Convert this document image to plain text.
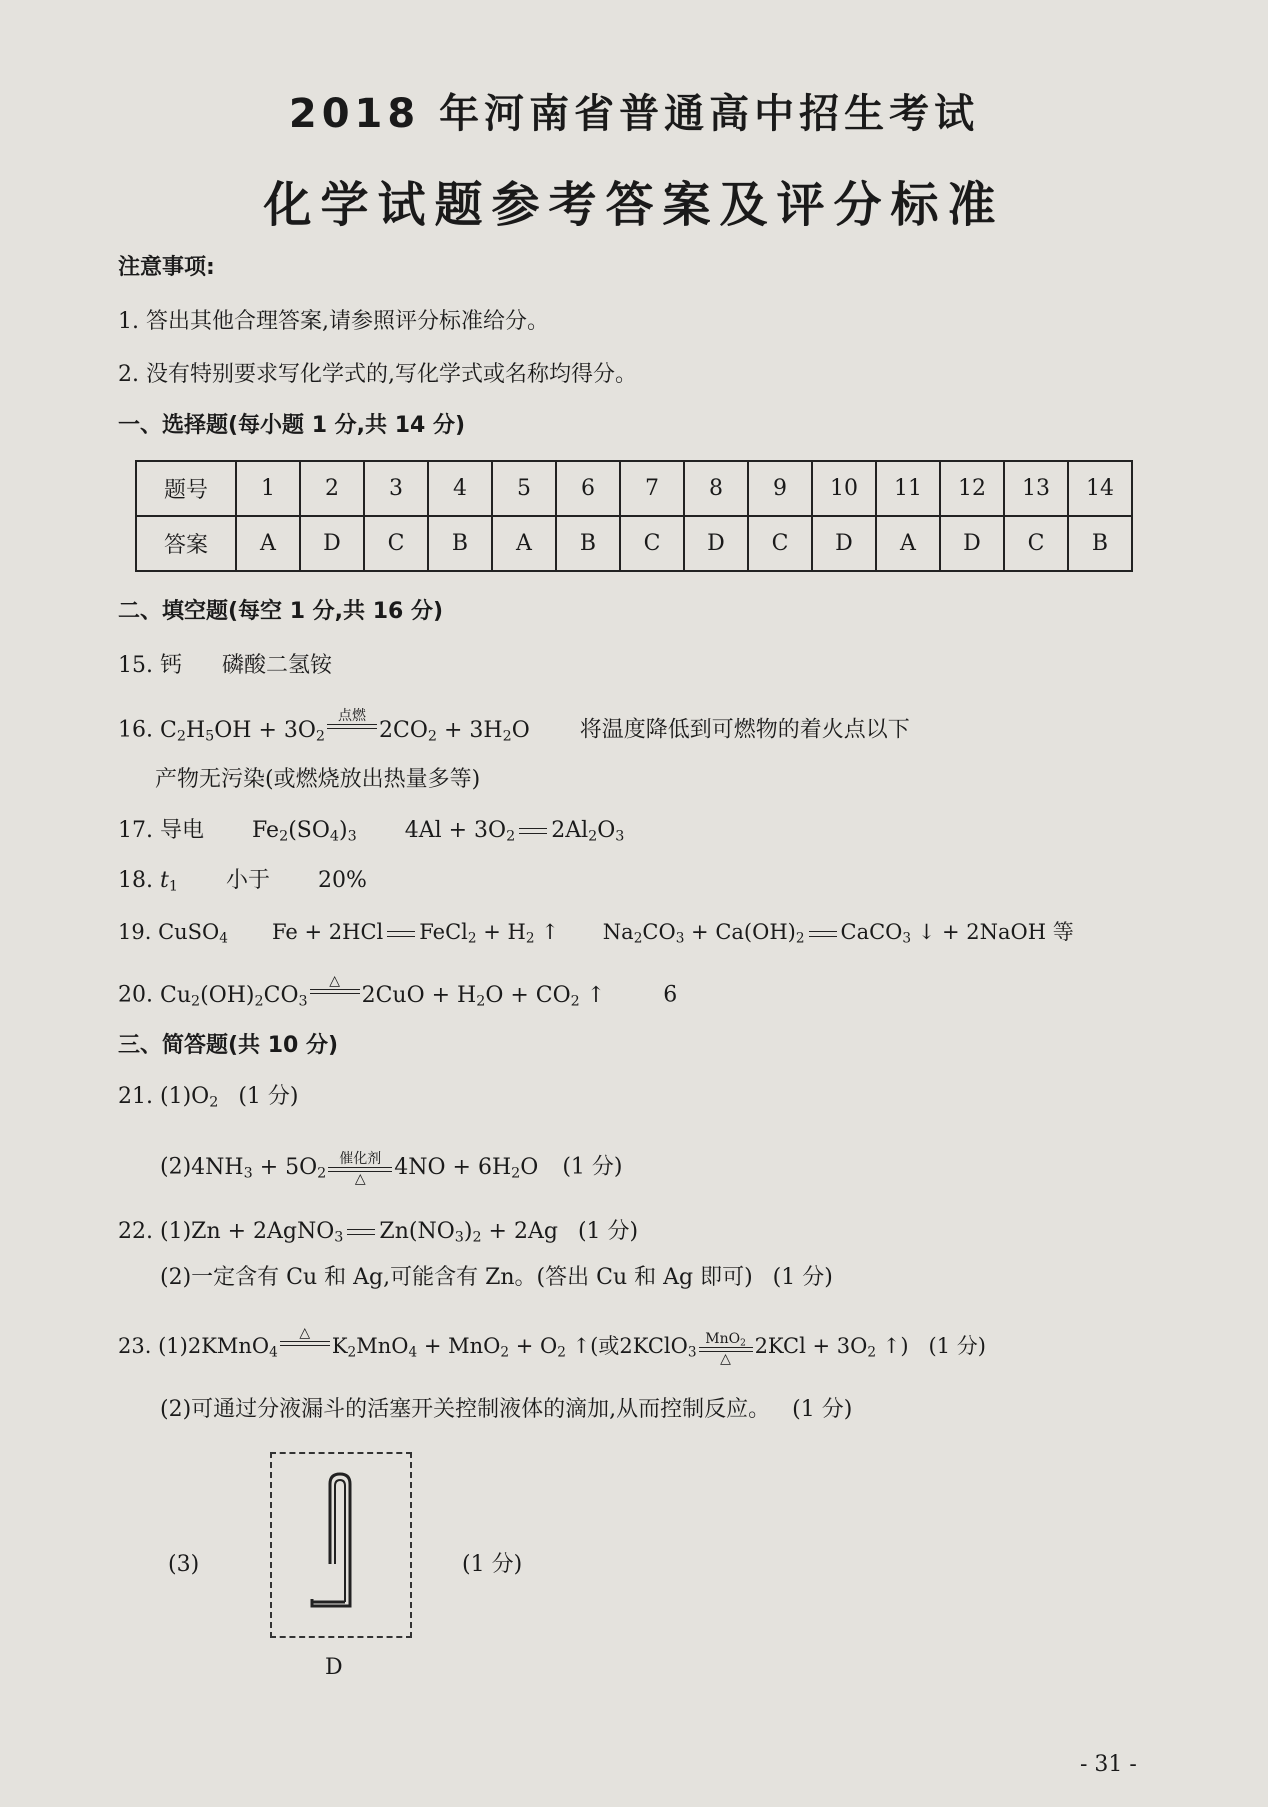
2018 年河南省普通高中招生考试
化学试题参考答案及评分标准
注意事项:
1. 答出其他合理答案,请参照评分标准给分。
2. 没有特别要求写化学式的,写化学式或名称均得分。
一、选择题(每小题 1 分,共 14 分)
题号	1	2	3	4	5	6	7	8	9	10	11	12	13	14
答案	A	D	C	B	A	B	C	D	C	D	A	D	C	B
二、填空题(每空 1 分,共 16 分)
15. 钙 磷酸二氢铵
16. $C_2H_5OH + 3O_2$
点燃
$2CO_2 + 3H_2O$ 将温度降低到可燃物的着火点以下
产物无污染(或燃烧放出热量多等)
17. 导电 $Fe_2(SO_4)_3$ $4Al + 3O_2$ $2Al_2O_3$
18. $t_1$ 小于 20%
19. CuSO$_4$ Fe + 2HCl FeCl$_2$ + $H_2$ ↑ $Na_2CO_3 + Ca(OH)_2$ CaCO$_3$ ↓ + 2NaOH 等
20. $Cu_2(OH)_2CO_3$
△
$2CuO + H_2O + CO_2$ ↑	6
三、简答题(共 10 分)
21. $(1)O_2$ (1 分)
$(2)4NH_3 + 5O_2$
催化剂
△ $4NO + 6H_2O$ (1 分)
22. (1)Zn + 2AgNO$_3$ $Zn(NO_3)_2 + 2Ag$ (1 分)
(2)一定含有 Cu 和 Ag,可能含有 Zn。(答出 Cu 和 Ag 即可) (1 分)
23. (1)2KMnO$_4$
△
$K_2MnO_4 + MnO_2 + O_2$ ↑(或2KClO$_3$
MnO$_2$
△
$2KCl + 3O_2$ ↑) (1 分)
(2)可通过分液漏斗的活塞开关控制液体的滴加,从而控制反应。 (1 分)
(3)	(1 分)
D
- 31 -
